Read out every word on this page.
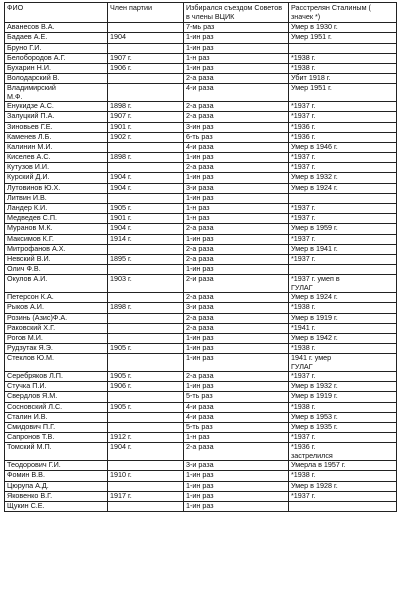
ФИО	Член партии	Избирался съездом Советов в члены ВЦИК	Расстрелян Сталиным ( значек *)
Аванесов В.А.		7-мь раз	Умер в 1930 г.
Бадаев А.Е.	1904	1-ин раз	Умер 1951 г.
Бруно Г.И.		1-ин раз	
Белобородов А.Г.	1907 г.	1-н раз	*1938 г.
Бухарин Н.И.	1906 г.	1-ин раз	*1938 г.
Володарский В.		2-а раза	Убит 1918 г.
Владимирский
М.Ф.		4-и раза	Умер 1951 г.
Енукидзе А.С.	1898 г.	2-а раза	*1937 г.
Залуцкий П.А.	1907 г.	2-а раза	*1937 г.
Зиновьев Г.Е.	1901 г.	3-ин раз	*1936 г.
Каменев Л.Б.	1902 г.	6-ть раз	*1936 г.
Калинин М.И.		4-и раза	Умер в 1946 г.
Киселев А.С.	1898 г.	1-ин раз	*1937 г.
Кутузов И.И.		2-а раза	*1937 г.
Курский Д.И.	1904 г.	1-ин раз	Умер в 1932 г.
Лутовинов Ю.Х.	1904 г.	3-и раза	Умер в 1924 г.
Литвин И.В.		1-ин раз	
Ландер К.И.	1905 г.	1-н раз	*1937 г.
Медведев С.П.	1901 г.	1-н раз	*1937 г.
Муранов М.К.	1904 г.	2-а раза	Умер в 1959 г.
Максимов К.Г.	1914 г.	1-ин раз	*1937 г.
Митрофанов А.Х.		2-а раза	Умер в 1941 г.
Невский В.И.	1895 г.	2-а раза	*1937 г.
Олич Ф.В.		1-ин раз	
Окулов А.И.	1903 г.	2-и раза	*1937 г. умеп в
ГУЛАГ
Петерсон К.А.		2-а раза	Умер в 1924 г.
Рыков А.И.	1898 г.	3-и раза	*1938 г.
Розинь (Азис)Ф.А.		2-а раза	Умер в 1919 г.
Раковский Х.Г.		2-а раза	*1941 г.
Рогов М.И.		1-ин раз	Умер в 1942 г.
Рудзутак Я.Э.	1905 г.	1-ин раз	*1938 г.
Стеклов Ю.М.		1-ин раз	1941 г. умер
ГУЛАГ
Серебряков Л.П.	1905 г.	2-а раза	*1937 г.
Стучка П.И.	1906 г.	1-ин раз	Умер в 1932 г.
Свердлов Я.М.		5-ть раз	Умер в 1919 г.
Сосновский Л.С.	1905 г.	4-и раза	*1938 г.
Сталин И.В.		4-и раза	Умер в 1953 г.
Смидович П.Г.		5-ть раз	Умер в 1935 г.
Сапронов Т.В.	1912 г.	1-н раз	*1937 г.
Томский М.П.	1904 г.	2-а раза	*1936 г.
застрелился
Теодорович Г.И.		3-и раза	Умерла в 1957 г.
Фомин В.В.	1910 г.	1-ин раз	*1938 г.
Цюрупа А.Д.		1-ин раз	Умер в 1928 г.
Яковенко В.Г.	1917 г.	1-ин раз	*1937 г.
Щукин С.Е.		1-ин раз	
